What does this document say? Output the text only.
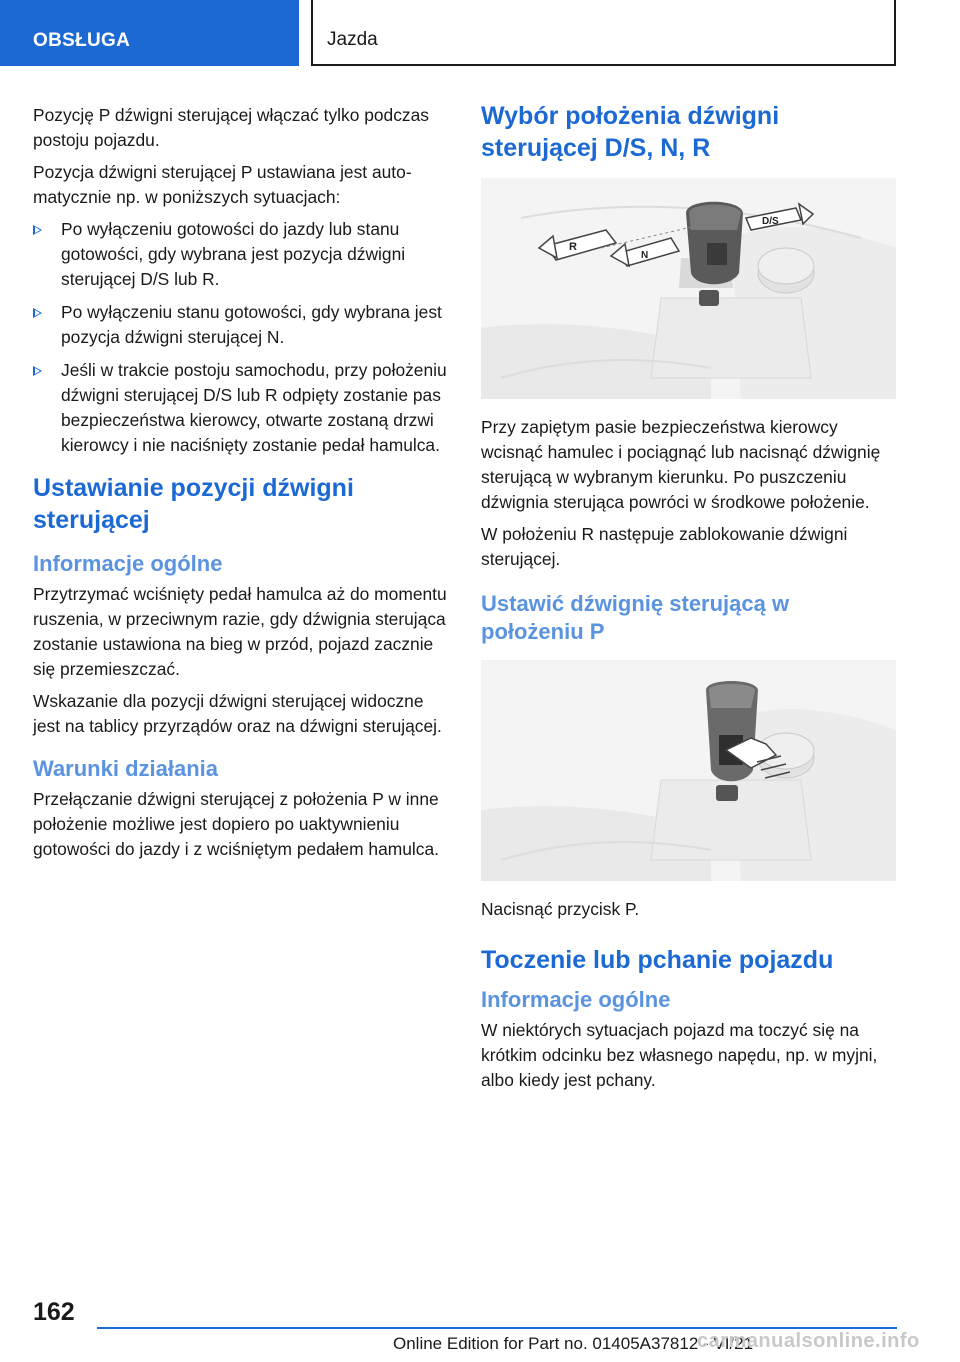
OBSŁUGA	Jazda

Pozycję P dźwigni sterującej włączać tylko podczas postoju pojazdu.

Pozycja dźwigni sterującej P ustawiana jest automatycznie np. w poniższych sytuacjach:

Po wyłączeniu gotowości do jazdy lub stanu gotowości, gdy wybrana jest pozycja dźwigni sterującej D/S lub R.
Po wyłączeniu stanu gotowości, gdy wybrana jest pozycja dźwigni sterującej N.
Jeśli w trakcie postoju samochodu, przy położeniu dźwigni sterującej D/S lub R odpięty zostanie pas bezpieczeństwa kierowcy, otwarte zostaną drzwi kierowcy i nie naciśnięty zostanie pedał hamulca.
Ustawianie pozycji dźwigni sterującej
Informacje ogólne

Przytrzymać wciśnięty pedał hamulca aż do momentu ruszenia, w przeciwnym razie, gdy dźwignia sterująca zostanie ustawiona na bieg w przód, pojazd zacznie się przemieszczać.

Wskazanie dla pozycji dźwigni sterującej widoczne jest na tablicy przyrządów oraz na dźwigni sterującej.

Warunki działania

Przełączanie dźwigni sterującej z położenia P w inne położenie możliwe jest dopiero po uaktywnieniu gotowości do jazdy i z wciśniętym pedałem hamulca.

Wybór położenia dźwigni sterującej D/S, N, R
R
N
D/S

Przy zapiętym pasie bezpieczeństwa kierowcy wcisnąć hamulec i pociągnąć lub nacisnąć dźwignię sterującą w wybranym kierunku. Po puszczeniu dźwignia sterująca powróci w środkowe położenie.

W położeniu R następuje zablokowanie dźwigni sterującej.

Ustawić dźwignię sterującą w położeniu P

Nacisnąć przycisk P.

Toczenie lub pchanie pojazdu
Informacje ogólne

W niektórych sytuacjach pojazd ma toczyć się na krótkim odcinku bez własnego napędu, np. w myjni, albo kiedy jest pchany.

162
Online Edition for Part no. 01405A37812 - VI/21
carmanualsonline.info
